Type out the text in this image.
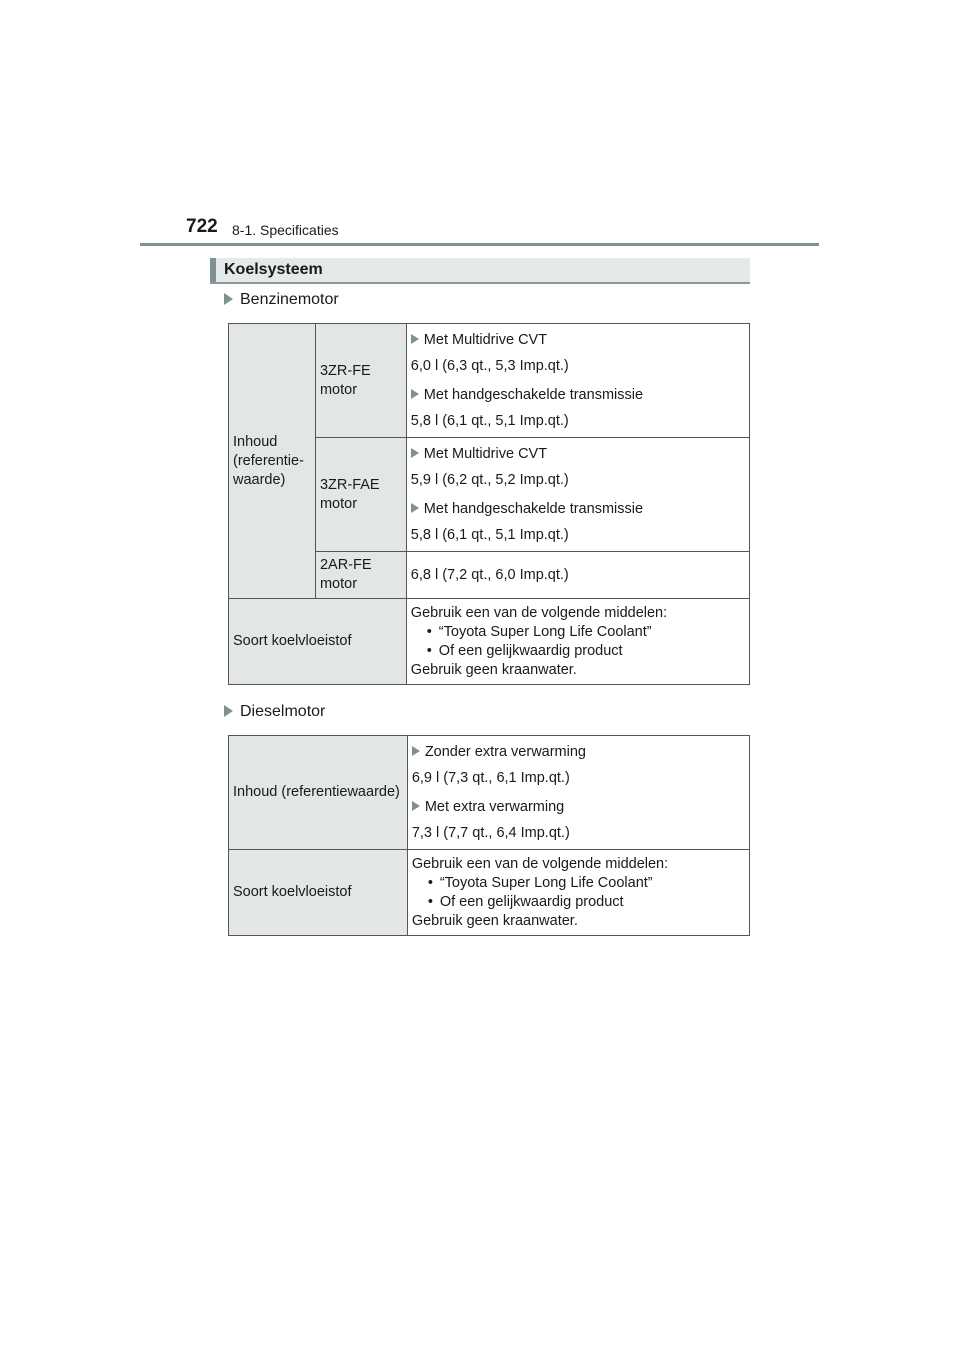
722 8-1. Specificaties
Koelsysteem
Benzinemotor
Inhoud (referentie- waarde)	3ZR-FE motor	Met Multidrive CVT
6,0 l (6,3 qt., 5,3 Imp.qt.)
Met handgeschakelde transmissie
5,8 l (6,1 qt., 5,1 Imp.qt.)

	3ZR-FAE motor	Met Multidrive CVT
5,9 l (6,2 qt., 5,2 Imp.qt.)
Met handgeschakelde transmissie
5,8 l (6,1 qt., 5,1 Imp.qt.)

	2AR-FE motor	6,8 l (7,2 qt., 6,0 Imp.qt.)
Soort koelvloeistof		Gebruik een van de volgende middelen:
• “Toyota Super Long Life Coolant”
• Of een gelijkwaardig product
Gebruik geen kraanwater.
Dieselmotor
Inhoud (referentiewaarde)	Zonder extra verwarming
6,9 l (7,3 qt., 6,1 Imp.qt.)
Met extra verwarming
7,3 l (7,7 qt., 6,4 Imp.qt.)

Soort koelvloeistof	Gebruik een van de volgende middelen:
• “Toyota Super Long Life Coolant”
• Of een gelijkwaardig product
Gebruik geen kraanwater.
